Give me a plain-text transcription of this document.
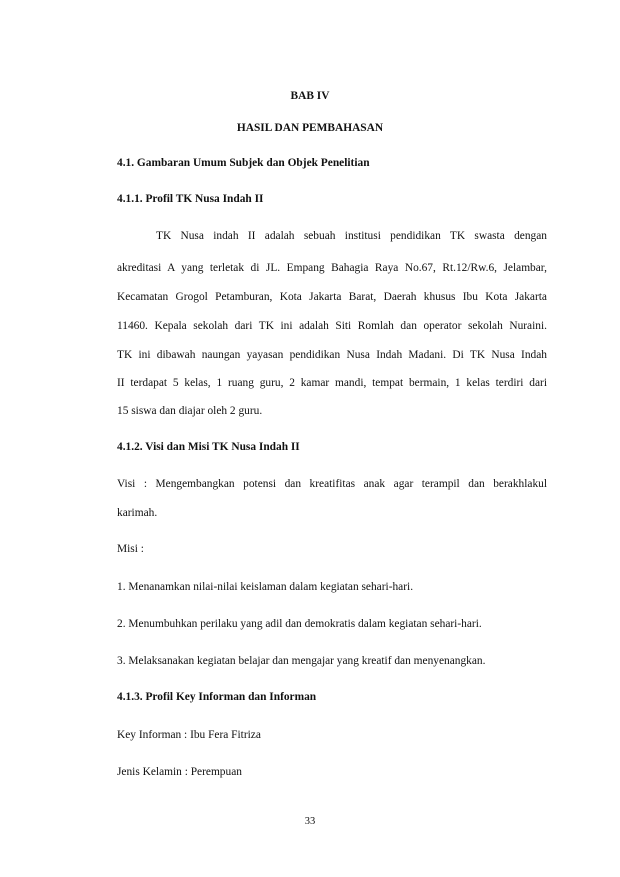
BAB IV
HASIL DAN PEMBAHASAN
4.1. Gambaran Umum Subjek dan Objek Penelitian
4.1.1. Profil TK Nusa Indah II
TK Nusa indah II adalah sebuah institusi pendidikan TK swasta dengan
akreditasi A yang terletak di JL. Empang Bahagia Raya No.67, Rt.12/Rw.6, Jelambar,
Kecamatan Grogol Petamburan, Kota Jakarta Barat, Daerah khusus Ibu Kota Jakarta
11460. Kepala sekolah dari TK ini adalah Siti Romlah dan operator sekolah Nuraini.
TK ini dibawah naungan yayasan pendidikan Nusa Indah Madani. Di TK Nusa Indah
II terdapat 5 kelas, 1 ruang guru, 2 kamar mandi, tempat bermain, 1 kelas terdiri dari
15 siswa dan diajar oleh 2 guru.
4.1.2. Visi dan Misi TK Nusa Indah II
Visi : Mengembangkan potensi dan kreatifitas anak agar terampil dan berakhlakul
karimah.
Misi :
1. Menanamkan nilai-nilai keislaman dalam kegiatan sehari-hari.
2. Menumbuhkan perilaku yang adil dan demokratis dalam kegiatan sehari-hari.
3. Melaksanakan kegiatan belajar dan mengajar yang kreatif dan menyenangkan.
4.1.3. Profil Key Informan dan Informan
Key Informan : Ibu Fera Fitriza
Jenis Kelamin : Perempuan
33
